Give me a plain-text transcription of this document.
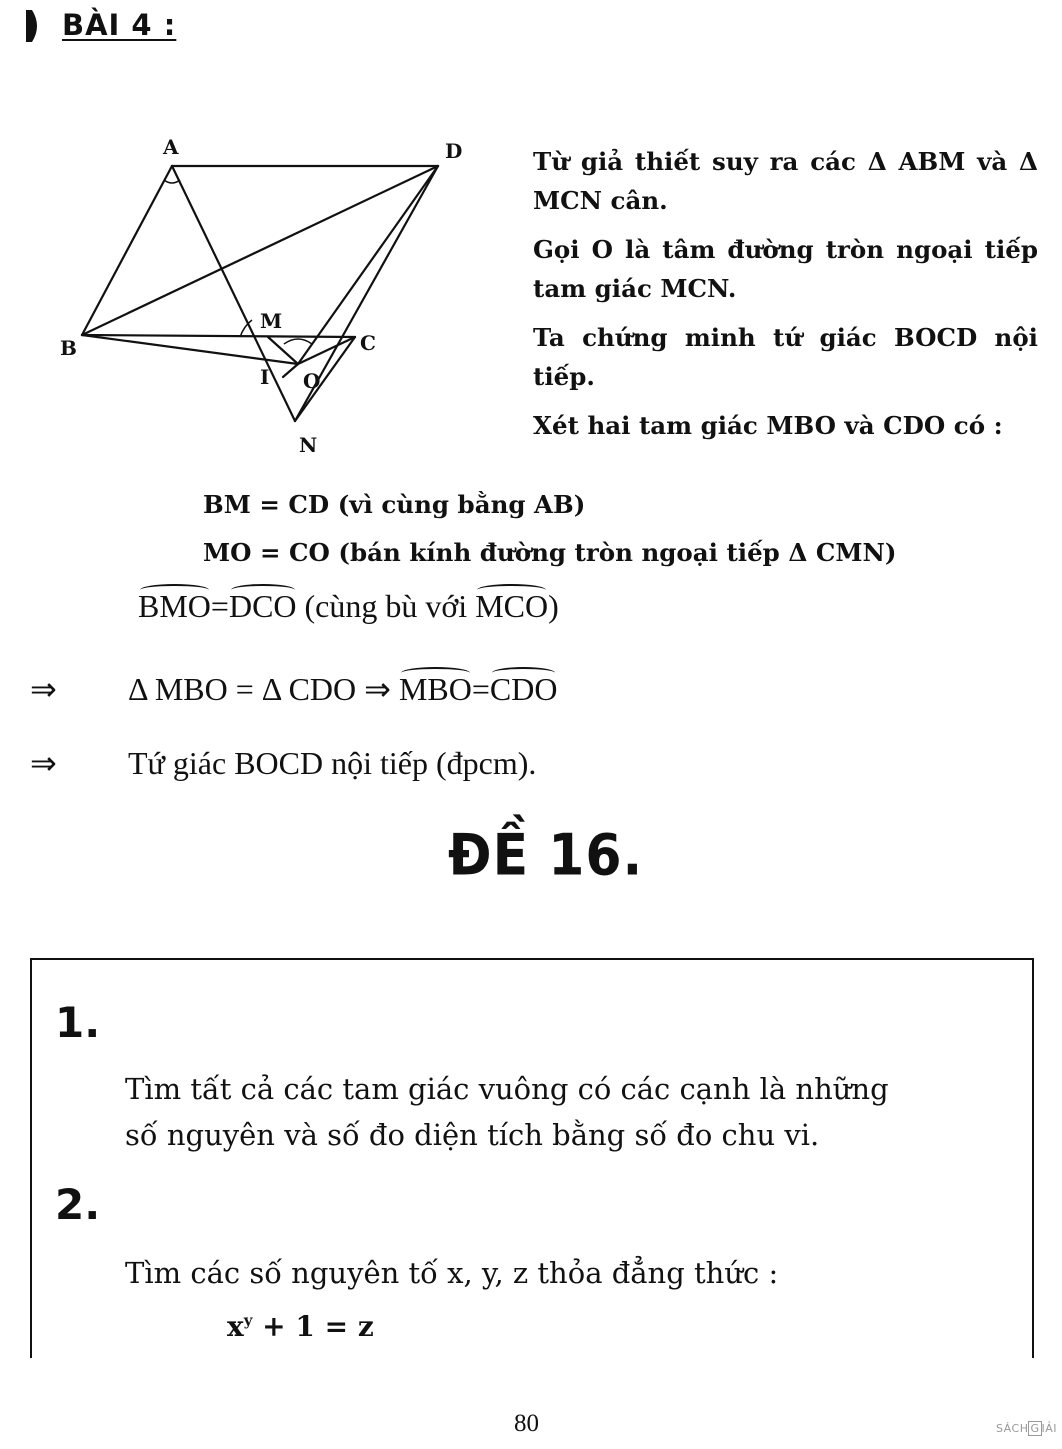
BÀI 4 :
A	D
B	C
M
I O
N

Từ giả thiết suy ra các Δ ABM và Δ MCN cân.

Gọi O là tâm đường tròn ngoại tiếp tam giác MCN.

Ta chứng minh tứ giác BOCD nội tiếp.

Xét hai tam giác MBO và CDO có :

BM = CD (vì cùng bằng AB)
MO = CO (bán kính đường tròn ngoại tiếp Δ CMN)
BMO=DCO (cùng bù với MCO)
⇒ Δ MBO = Δ CDO ⇒ MBO=CDO
⇒ Tứ giác BOCD nội tiếp (đpcm).
ĐỀ 16.
1.
Tìm tất cả các tam giác vuông có các cạnh là những
số nguyên và số đo diện tích bằng số đo chu vi.
2.
Tìm các số nguyên tố x, y, z thỏa đẳng thức :
$x^y + 1 = z$
80	SÁCH G IẢI
